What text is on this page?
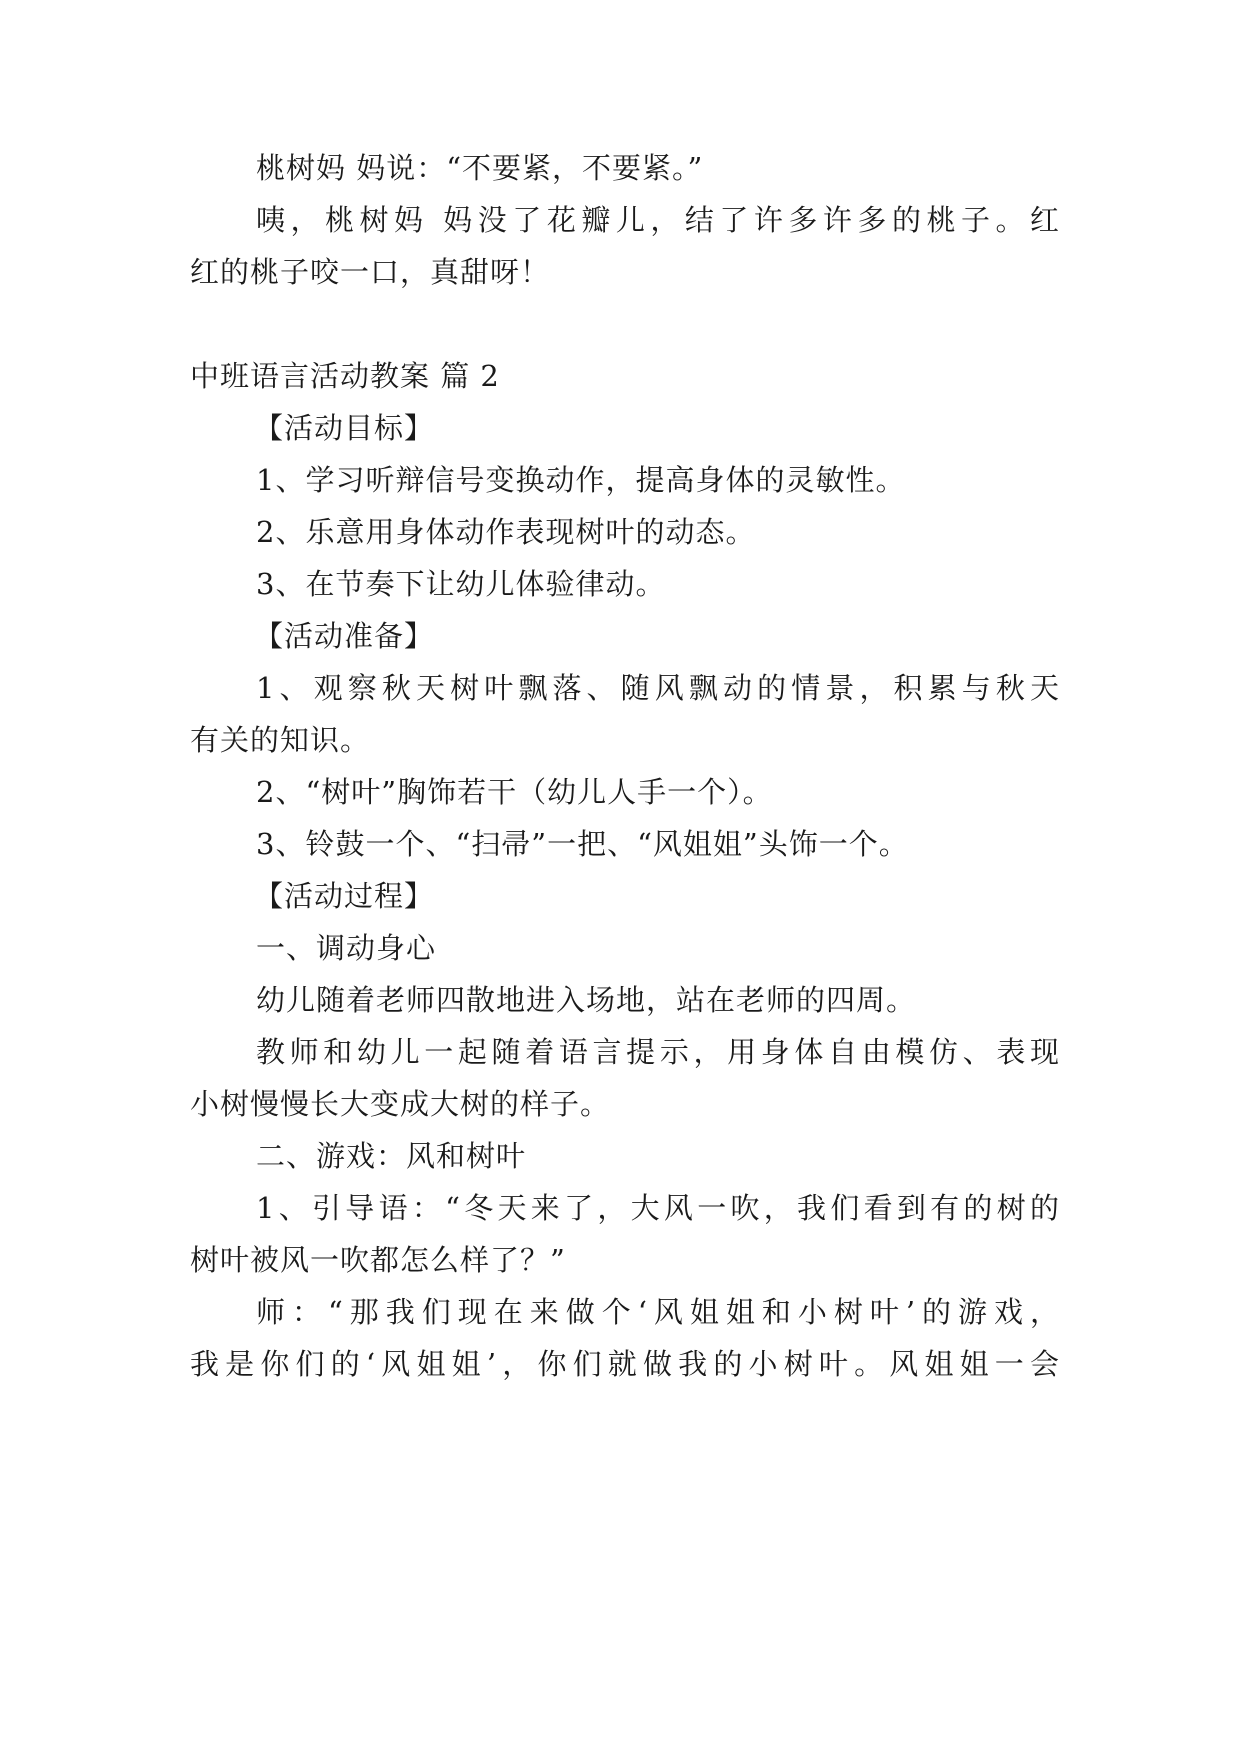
桃树妈 妈说：“不要紧，不要紧。”
咦，桃树妈 妈没了花瓣儿，结了许多许多的桃子。红
红的桃子咬一口，真甜呀！
中班语言活动教案 篇 2
【活动目标】
1、学习听辩信号变换动作，提高身体的灵敏性。
2、乐意用身体动作表现树叶的动态。
3、在节奏下让幼儿体验律动。
【活动准备】
1、观察秋天树叶飘落、随风飘动的情景，积累与秋天
有关的知识。
2、“树叶”胸饰若干（幼儿人手一个）。
3、铃鼓一个、“扫帚”一把、“风姐姐”头饰一个。
【活动过程】
一、调动身心
幼儿随着老师四散地进入场地，站在老师的四周。
教师和幼儿一起随着语言提示，用身体自由模仿、表现
小树慢慢长大变成大树的样子。
二、游戏：风和树叶
1、引导语：“冬天来了，大风一吹，我们看到有的树的
树叶被风一吹都怎么样了？”
师：“那我们现在来做个‘风姐姐和小树叶’的游戏，
我是你们的‘风姐姐’，你们就做我的小树叶。风姐姐一会
